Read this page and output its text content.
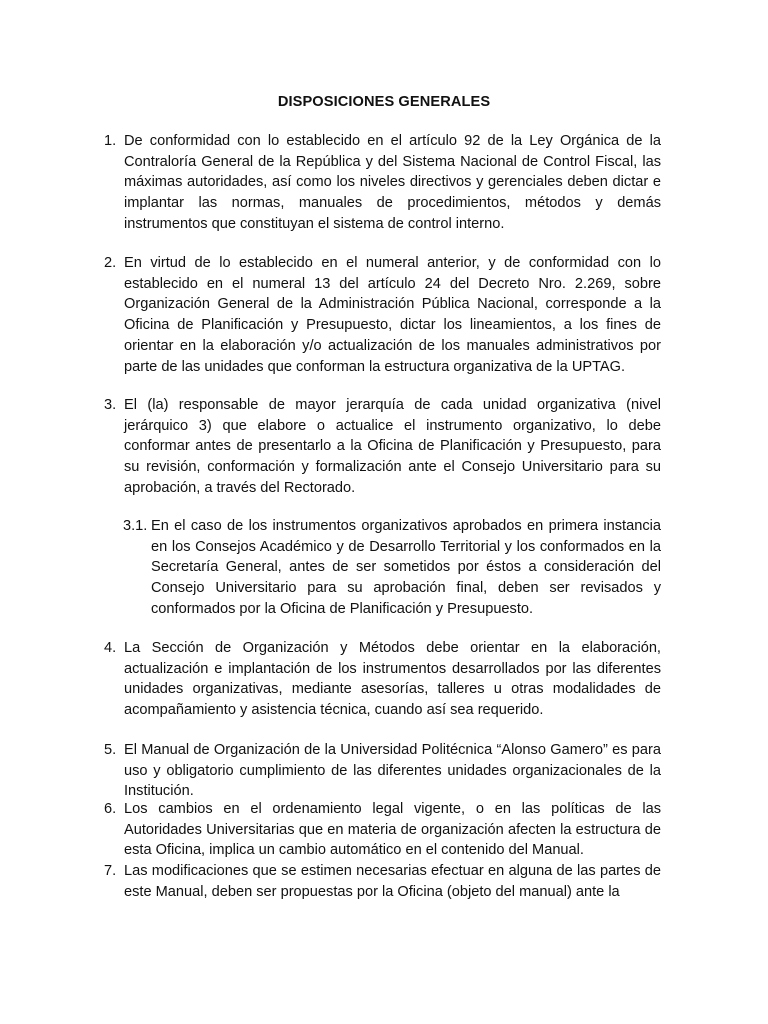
DISPOSICIONES GENERALES
1. De conformidad con lo establecido en el artículo 92 de la Ley Orgánica de la Contraloría General de la República y del Sistema Nacional de Control Fiscal, las máximas autoridades, así como los niveles directivos y gerenciales deben dictar e implantar las normas, manuales de procedimientos, métodos y demás instrumentos que constituyan el sistema de control interno.
2. En virtud de lo establecido en el numeral anterior, y de conformidad con lo establecido en el numeral 13 del artículo 24 del Decreto Nro. 2.269, sobre Organización General de la Administración Pública Nacional, corresponde a la Oficina de Planificación y Presupuesto, dictar los lineamientos, a los fines de orientar en la elaboración y/o actualización de los manuales administrativos por parte de las unidades que conforman la estructura organizativa de la UPTAG.
3. El (la) responsable de mayor jerarquía de cada unidad organizativa (nivel jerárquico 3) que elabore o actualice el instrumento organizativo, lo debe conformar antes de presentarlo a la Oficina de Planificación y Presupuesto, para su revisión, conformación y formalización ante el Consejo Universitario para su aprobación, a través del Rectorado.
3.1. En el caso de los instrumentos organizativos aprobados en primera instancia en los Consejos Académico y de Desarrollo Territorial y los conformados en la Secretaría General, antes de ser sometidos por éstos a consideración del Consejo Universitario para su aprobación final, deben ser revisados y conformados por la Oficina de Planificación y Presupuesto.
4. La Sección de Organización y Métodos debe orientar en la elaboración, actualización e implantación de los instrumentos desarrollados por las diferentes unidades organizativas, mediante asesorías, talleres u otras modalidades de acompañamiento y asistencia técnica, cuando así sea requerido.
5. El Manual de Organización de la Universidad Politécnica “Alonso Gamero” es para uso y obligatorio cumplimiento de las diferentes unidades organizacionales de la Institución.
6. Los cambios en el ordenamiento legal vigente, o en las políticas de las Autoridades Universitarias que en materia de organización afecten la estructura de esta Oficina, implica un cambio automático en el contenido del Manual.
7. Las modificaciones que se estimen necesarias efectuar en alguna de las partes de este Manual, deben ser propuestas por la Oficina (objeto del manual) ante la
